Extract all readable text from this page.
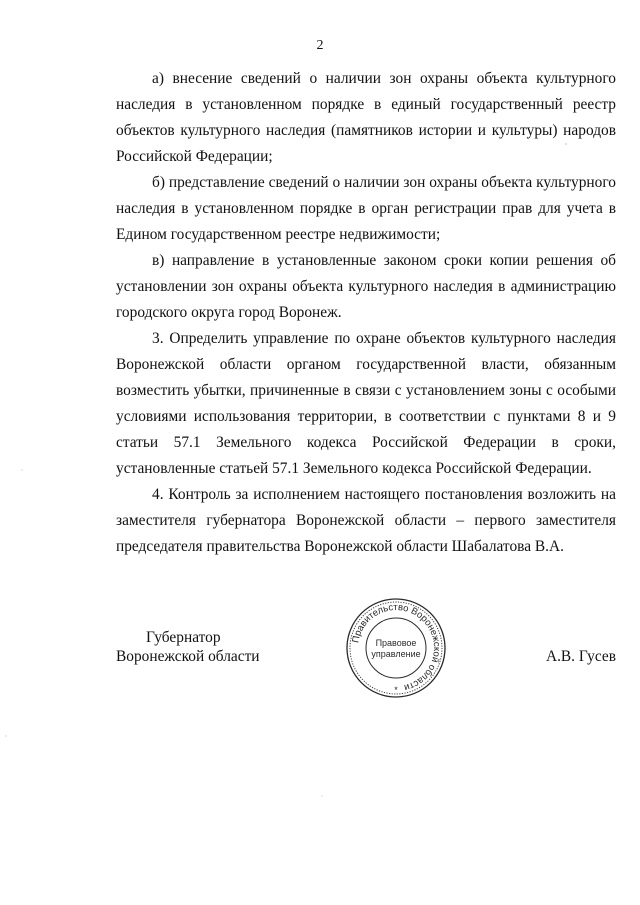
2

а) внесение сведений о наличии зон охраны объекта культурного наследия в установленном порядке в единый государственный реестр объектов культурного наследия (памятников истории и культуры) народов Российской Федерации;

б) представление сведений о наличии зон охраны объекта культурного наследия в установленном порядке в орган регистрации прав для учета в Едином государственном реестре недвижимости;

в) направление в установленные законом сроки копии решения об установлении зон охраны объекта культурного наследия в администрацию городского округа город Воронеж.

3. Определить управление по охране объектов культурного наследия Воронежской области органом государственной власти, обязанным возместить убытки, причиненные в связи с установлением зоны с особыми условиями использования территории, в соответствии с пунктами 8 и 9 статьи 57.1 Земельного кодекса Российской Федерации в сроки, установленные статьей 57.1 Земельного кодекса Российской Федерации.

4. Контроль за исполнением настоящего постановления возложить на заместителя губернатора Воронежской области – первого заместителя председателя правительства Воронежской области Шабалатова В.А.

Губернатор
Воронежской области	А.В. Гусев
Правительство Воронежской области
Правовое
управление
*
